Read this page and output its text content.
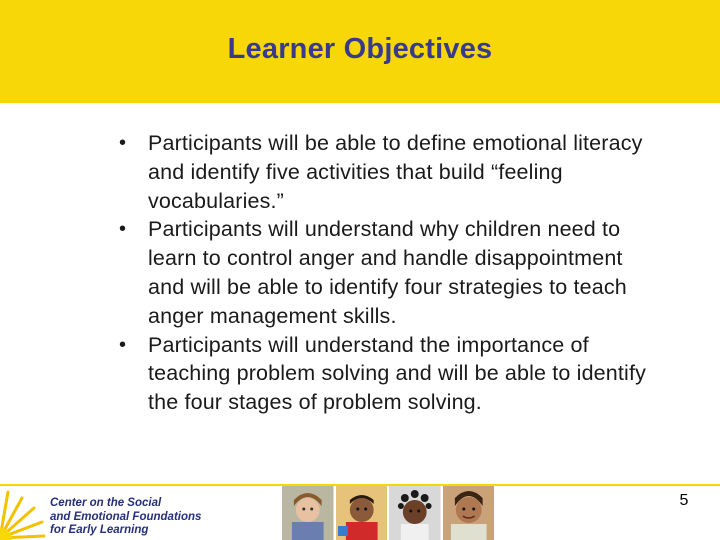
Learner Objectives
• Participants will be able to define emotional literacy and identify five activities that build “feeling vocabularies.”
• Participants will understand why children need to learn to control anger and handle disappointment and will be able to identify four strategies to teach anger management skills.
• Participants will understand the importance of teaching problem solving and will be able to identify the four stages of problem solving.
Center on the Social
and Emotional Foundations
for Early Learning
5
